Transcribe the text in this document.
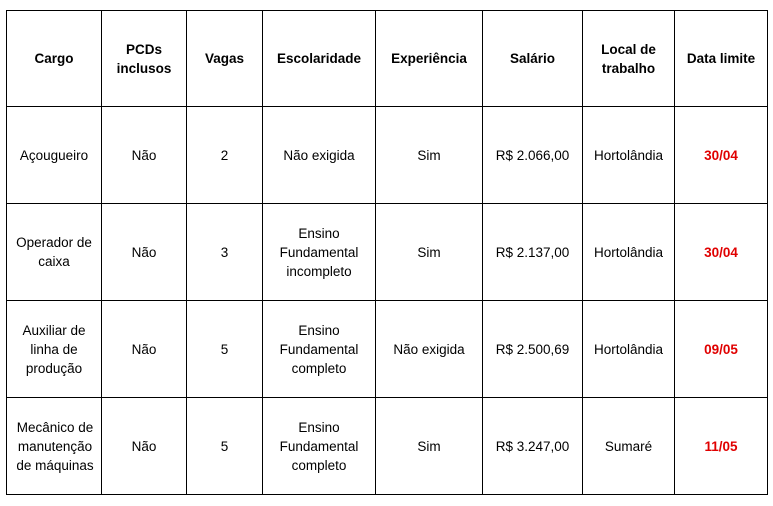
Cargo	PCDs inclusos	Vagas	Escolaridade	Experiência	Salário	Local de trabalho	Data limite
Açougueiro	Não	2	Não exigida	Sim	R$ 2.066,00	Hortolândia	30/04
Operador de caixa	Não	3	Ensino Fundamental incompleto	Sim	R$ 2.137,00	Hortolândia	30/04
Auxiliar de linha de produção	Não	5	Ensino Fundamental completo	Não exigida	R$ 2.500,69	Hortolândia	09/05
Mecânico de manutenção de máquinas	Não	5	Ensino Fundamental completo	Sim	R$ 3.247,00	Sumaré	11/05
